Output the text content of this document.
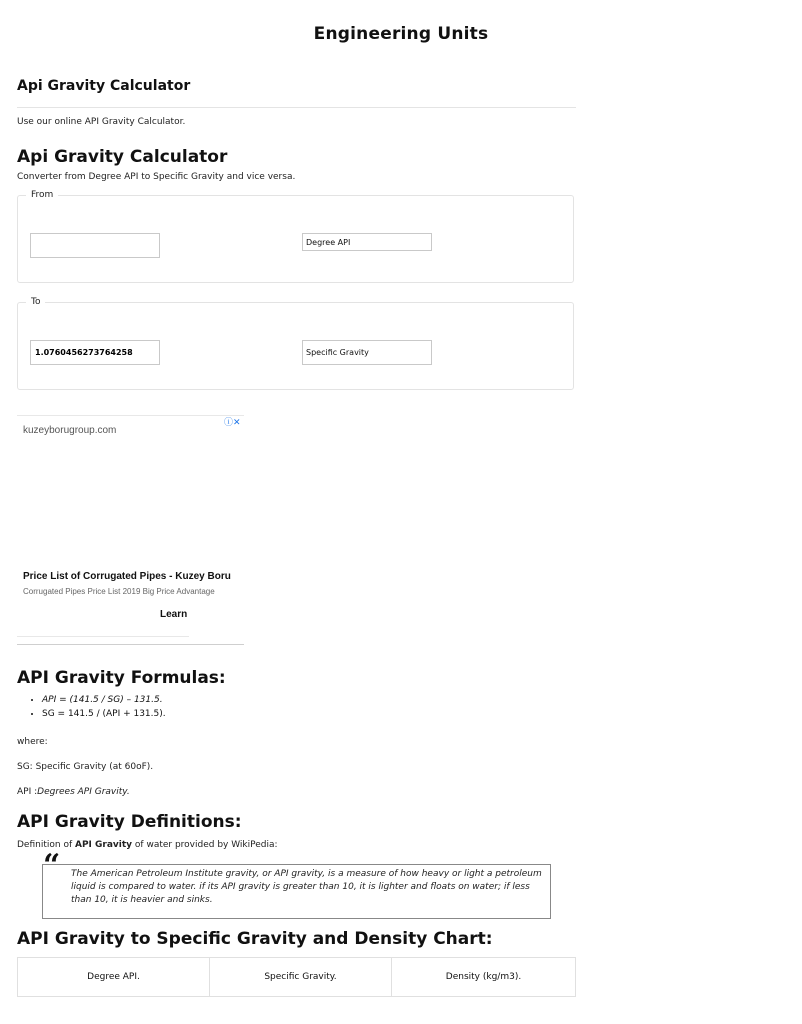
Engineering Units
Api Gravity Calculator
Use our online API Gravity Calculator.
Api Gravity Calculator
Converter from Degree API to Specific Gravity and vice versa.
From
Degree API
To
1.0760456273764258
Specific Gravity
ⓘ✕
kuzeyborugroup.com
Price List of Corrugated Pipes - Kuzey Boru
Corrugated Pipes Price List 2019 Big Price Advantage
Learn
API Gravity Formulas:
• API = (141.5 / SG) – 131.5.
• SG = 141.5 / (API + 131.5).
where:
SG: Specific Gravity (at 60oF).
API :Degrees API Gravity.
API Gravity Definitions:
Definition of API Gravity of water provided by WikiPedia:
“ The American Petroleum Institute gravity, or API gravity, is a measure of how heavy or light a petroleum liquid is compared to water. if its API gravity is greater than 10, it is lighter and floats on water; if less than 10, it is heavier and sinks.
API Gravity to Specific Gravity and Density Chart:
Degree API.	Specific Gravity.	Density (kg/m3).
